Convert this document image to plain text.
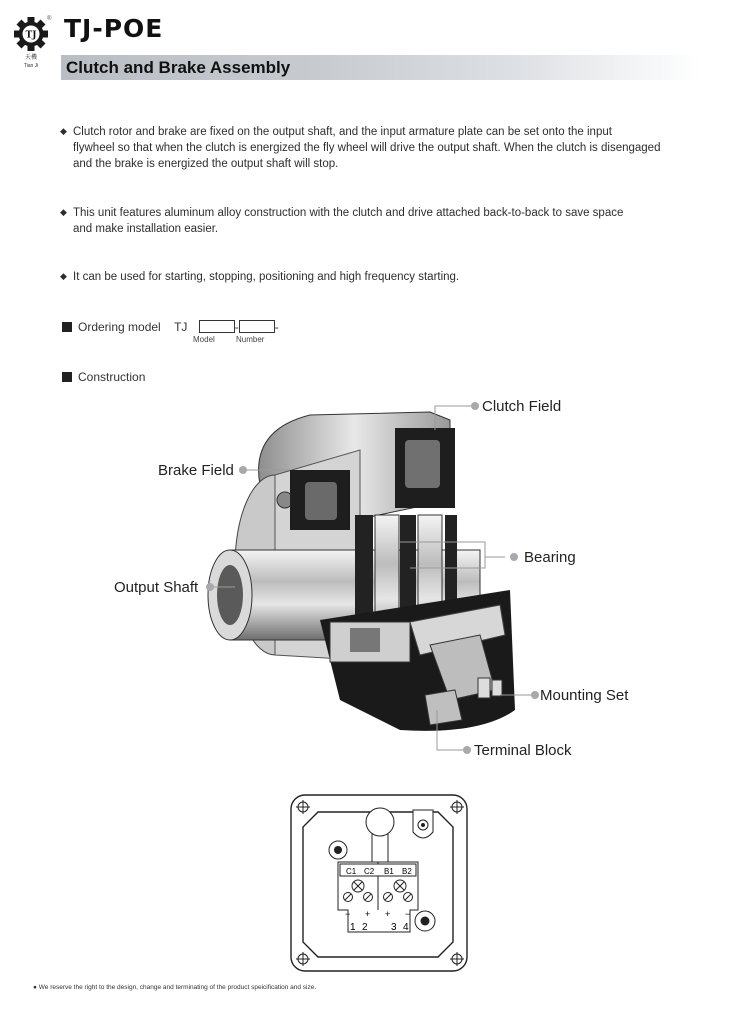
TJ
®
天機
Tian Ji
TJ-POE
Clutch and Brake Assembly
◆ Clutch rotor and brake are fixed on the output shaft, and the input armature plate can be set onto the input
flywheel so that when the clutch is energized the fly wheel will drive the output shaft. When the clutch is disengaged
and the brake is energized the output shaft will stop.
◆ This unit features aluminum alloy construction with the clutch and drive attached back-to-back to save space
and make installation easier.
◆ It can be used for starting, stopping, positioning and high frequency starting.
Ordering model TJ	-	-
Model	Number
Construction
Clutch Field
Brake Field
Bearing
Output Shaft
Mounting Set
Terminal Block
C1 C2 B1 B2
− + + −
1 2 3 4
● We reserve the right to the design, change and terminating of the product speicification and size.
